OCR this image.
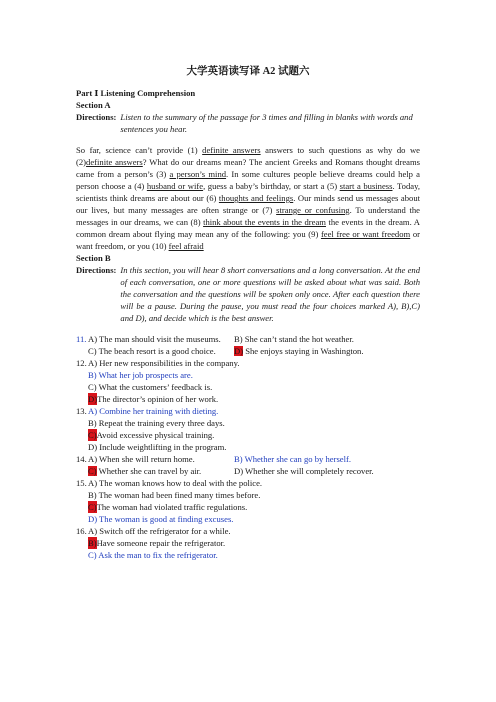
大学英语读写译 A2 试题六
Part Ⅰ Listening Comprehension
Section A
Directions: Listen to the summary of the passage for 3 times and filling in blanks with words and sentences you hear.
So far, science can’t provide (1) definite answers answers to such questions as why do we (2)definite answers? What do our dreams mean? The ancient Greeks and Romans thought dreams came from a person’s (3) a person’s mind. In some cultures people believe dreams could help a person choose a (4) husband or wife, guess a baby’s birthday, or start a (5) start a business. Today, scientists think dreams are about our (6) thoughts and feelings. Our minds send us messages about our lives, but many messages are often strange or (7) strange or confusing. To understand the messages in our dreams, we can (8) think about the events in the dream the events in the dream. A common dream about flying may mean any of the following: you (9) feel free or want freedom or want freedom, or you (10) feel afraid
Section B
Directions: In this section, you will hear 8 short conversations and a long conversation. At the end of each conversation, one or more questions will be asked about what was said. Both the conversation and the questions will be spoken only once. After each question there will be a pause. During the pause, you must read the four choices marked A), B),C) and D), and decide which is the best answer.
11. A) The man should visit the museums.	B) She can’t stand the hot weather.
C) The beach resort is a good choice.	D) She enjoys staying in Washington.
12. A) Her new responsibilities in the company.
B) What her job prospects are.
C) What the customers’ feedback is.
D) The director’s opinion of her work.
13. A) Combine her training with dieting.
B) Repeat the training every three days.
C) Avoid excessive physical training.
D) Include weightlifting in the program.
14. A) When she will return home.	B) Whether she can go by herself.
C) Whether she can travel by air.	D) Whether she will completely recover.
15. A) The woman knows how to deal with the police.
B) The woman had been fined many times before.
C) The woman had violated traffic regulations.
D) The woman is good at finding excuses.
16. A) Switch off the refrigerator for a while.
B) Have someone repair the refrigerator.
C) Ask the man to fix the refrigerator.
